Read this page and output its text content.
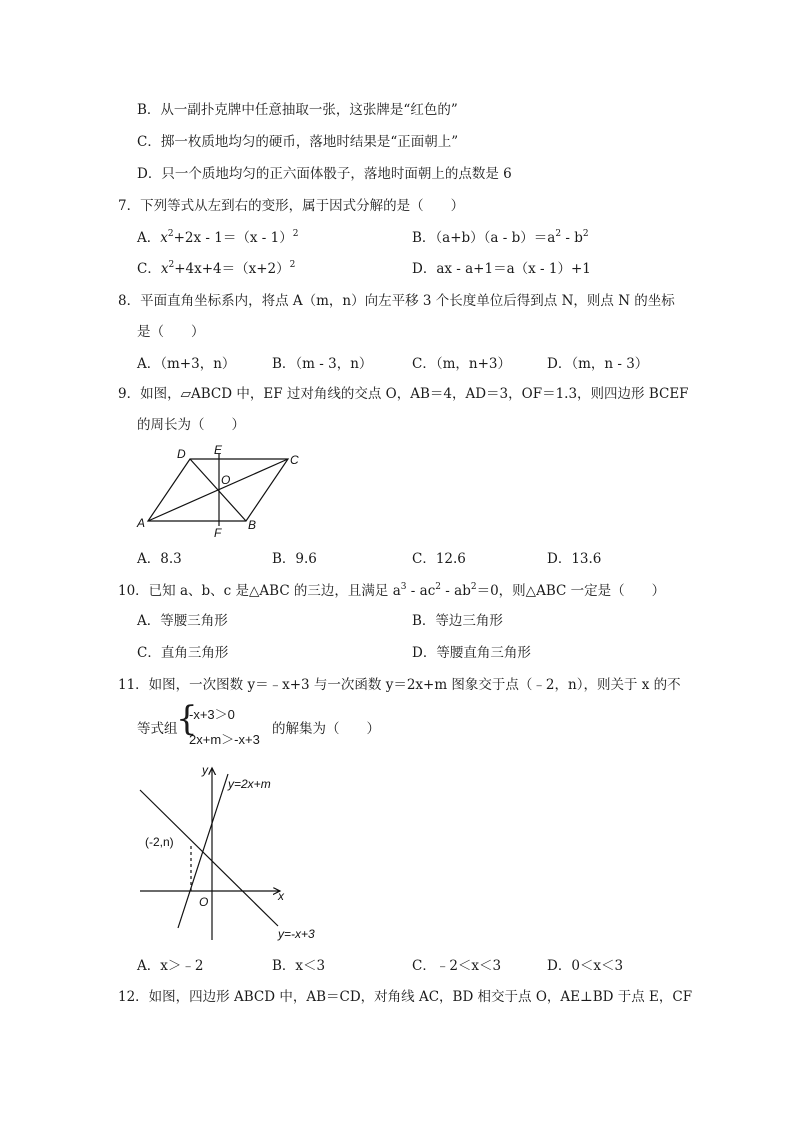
B．从一副扑克牌中任意抽取一张，这张牌是“红色的”
C．掷一枚质地均匀的硬币，落地时结果是“正面朝上”
D．只一个质地均匀的正六面体骰子，落地时面朝上的点数是 6
7．下列等式从左到右的变形，属于因式分解的是（　　）
A．$x^2+2x - 1=(x - 1)^2$	B．$(a+b)(a - b)=a^2 - b^2$
C．$x^2+4x+4=(x+2)^2$	D．ax - a+1＝a（x - 1）+1
8．平面直角坐标系内，将点 A（m，n）向左平移 3 个长度单位后得到点 N，则点 N 的坐标
是（　　）
A．（m+3，n）	B．（m - 3，n）	C．（m，n+3）	D．（m，n - 3）
9．如图，▱ABCD 中，EF 过对角线的交点 O，AB＝4，AD＝3，OF＝1.3，则四边形 BCEF
的周长为（　　）
D E
C
O
A	B
F
A．8.3	B．9.6	C．12.6	D．13.6
10．已知 a、b、c 是△ABC 的三边，且满足 $a^3 - ac^2 - ab^2=0$，则△ABC 一定是（　　）
A．等腰三角形	B．等边三角形
C．直角三角形	D．等腰直角三角形
11．如图，一次图数 y＝﹣x+3 与一次函数 y＝2x+m 图象交于点（﹣2，n），则关于 x 的不
等式组
{
-x+3＞0
2x+m＞-x+3
的解集为（　　）
y
x
O
y=2x+m
y=-x+3
(-2,n)
A．x＞﹣2	B．x＜3	C．﹣2＜x＜3	D．0＜x＜3
12．如图，四边形 ABCD 中，AB＝CD，对角线 AC，BD 相交于点 O，AE⊥BD 于点 E，CF
